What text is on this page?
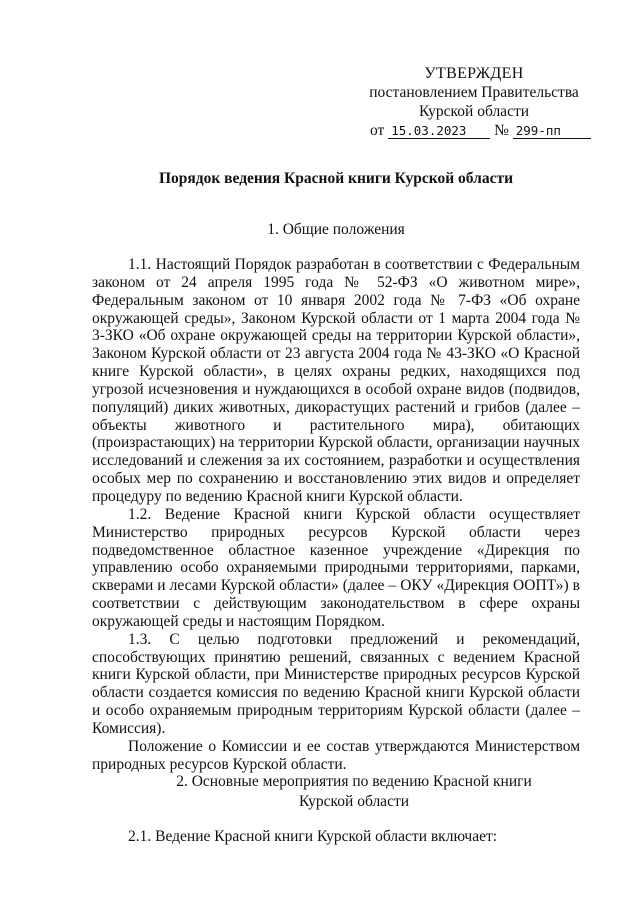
УТВЕРЖДЕН
постановлением Правительства
Курской области
от 15.03.2023 № 299-пп
Порядок ведения Красной книги Курской области
1. Общие положения

1.1. Настоящий Порядок разработан в соответствии с Федеральным законом от 24 апреля 1995 года № 52-ФЗ «О животном мире», Федеральным законом от 10 января 2002 года № 7-ФЗ «Об охране окружающей среды», Законом Курской области от 1 марта 2004 года № 3-ЗКО «Об охране окружающей среды на территории Курской области», Законом Курской области от 23 августа 2004 года № 43-ЗКО «О Красной книге Курской области», в целях охраны редких, находящихся под угрозой исчезновения и нуждающихся в особой охране видов (подвидов, популяций) диких животных, дикорастущих растений и грибов (далее – объекты животного и растительного мира), обитающих (произрастающих) на территории Курской области, организации научных исследований и слежения за их состоянием, разработки и осуществления особых мер по сохранению и восстановлению этих видов и определяет процедуру по ведению Красной книги Курской области.

1.2. Ведение Красной книги Курской области осуществляет Министерство природных ресурсов Курской области через подведомственное областное казенное учреждение «Дирекция по управлению особо охраняемыми природными территориями, парками, скверами и лесами Курской области» (далее – ОКУ «Дирекция ООПТ») в соответствии с действующим законодательством в сфере охраны окружающей среды и настоящим Порядком.

1.3. С целью подготовки предложений и рекомендаций, способствующих принятию решений, связанных с ведением Красной книги Курской области, при Министерстве природных ресурсов Курской области создается комиссия по ведению Красной книги Курской области и особо охраняемым природным территориям Курской области (далее – Комиссия).

Положение о Комиссии и ее состав утверждаются Министерством природных ресурсов Курской области.

2. Основные мероприятия по ведению Красной книги
Курской области
2.1. Ведение Красной книги Курской области включает:
